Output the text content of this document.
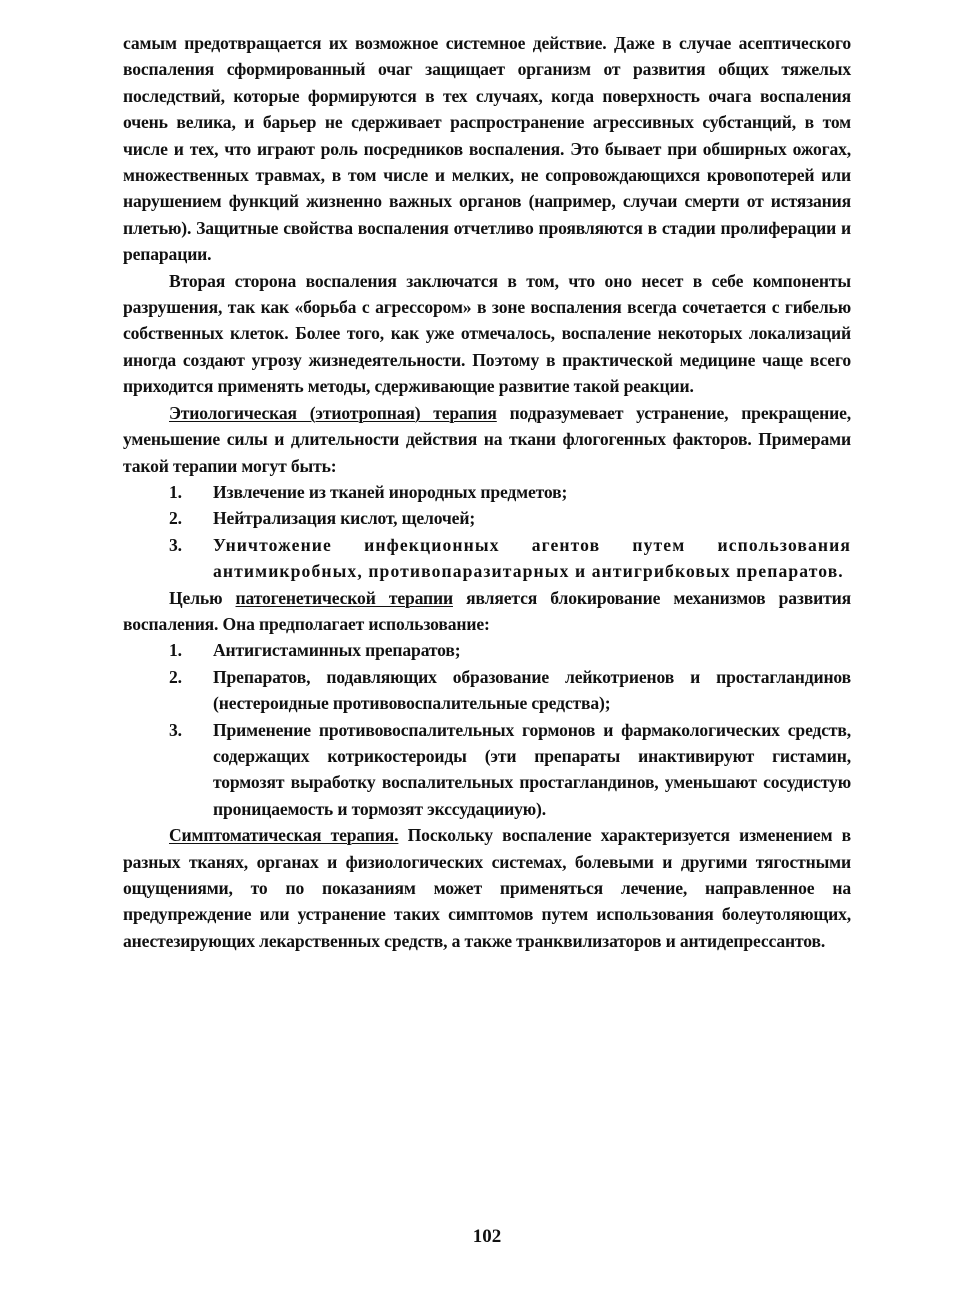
самым предотвращается их возможное системное действие. Даже в случае асептического воспаления сформированный очаг защищает организм от развития общих тяжелых последствий, которые формируются в тех случаях, когда поверхность очага воспаления очень велика, и барьер не сдерживает распространение агрессивных субстанций, в том числе и тех, что играют роль посредников воспаления. Это бывает при обширных ожогах, множественных травмах, в том числе и мелких, не сопровождающихся кровопотерей или нарушением функций жизненно важных органов (например, случаи смерти от истязания плетью). Защитные свойства воспаления отчетливо проявляются в стадии пролиферации и репарации.

Вторая сторона воспаления заключатся в том, что оно несет в себе компоненты разрушения, так как «борьба с агрессором» в зоне воспаления всегда сочетается с гибелью собственных клеток. Более того, как уже отмечалось, воспаление некоторых локализаций иногда создают угрозу жизнедеятельности. Поэтому в практической медицине чаще всего приходится применять методы, сдерживающие развитие такой реакции.

Этиологическая (этиотропная) терапия подразумевает устранение, прекращение, уменьшение силы и длительности действия на ткани флогогенных факторов. Примерами такой терапии могут быть:

1.	Извлечение из тканей инородных предметов;
2.	Нейтрализация кислот, щелочей;
3.	Уничтожение инфекционных агентов путем использования антимикробных, противопаразитарных и антигрибковых препаратов.

Целью патогенетической терапии является блокирование механизмов развития воспаления. Она предполагает использование:

1.	Антигистаминных препаратов;
2.	Препаратов, подавляющих образование лейкотриенов и простагландинов (нестероидные противовоспалительные средства);
3.	Применение противовоспалительных гормонов и фармакологических средств, содержащих котрикостероиды (эти препараты инактивируют гистамин, тормозят выработку воспалительных простагландинов, уменьшают сосудистую проницаемость и тормозят экссудацииую).

Симптоматическая терапия. Поскольку воспаление характеризуется изменением в разных тканях, органах и физиологических системах, болевыми и другими тягостными ощущениями, то по показаниям может применяться лечение, направленное на предупреждение или устранение таких симптомов путем использования болеутоляющих, анестезирующих лекарственных средств, а также транквилизаторов и антидепрессантов.

102
